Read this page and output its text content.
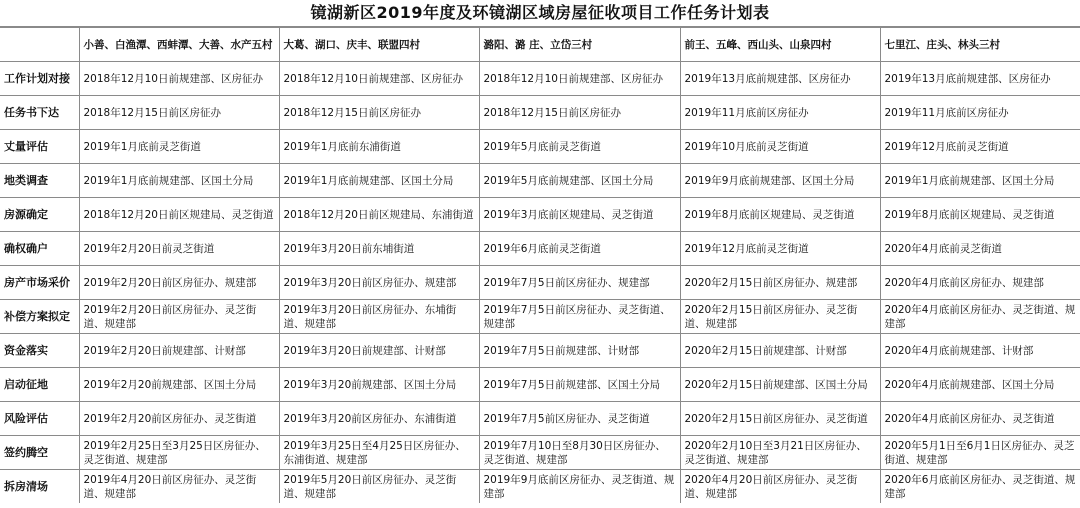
镜湖新区2019年度及环镜湖区域房屋征收项目工作任务计划表
	小善、白渔潭、西蚌潭、大善、水产五村	大葛、湖口、庆丰、联盟四村	潞阳、潞 庄、立岱三村	前王、五峰、西山头、山泉四村	七里江、庄头、林头三村
工作计划对接	2018年12月10日前规建部、区房征办	2018年12月10日前规建部、区房征办	2018年12月10日前规建部、区房征办	2019年13月底前规建部、区房征办	2019年13月底前规建部、区房征办
任务书下达	2018年12月15日前区房征办	2018年12月15日前区房征办	2018年12月15日前区房征办	2019年11月底前区房征办	2019年11月底前区房征办
丈量评估	2019年1月底前灵芝街道	2019年1月底前东浦街道	2019年5月底前灵芝街道	2019年10月底前灵芝街道	2019年12月底前灵芝街道
地类调查	2019年1月底前规建部、区国土分局	2019年1月底前规建部、区国土分局	2019年5月底前规建部、区国土分局	2019年9月底前规建部、区国土分局	2019年1月底前规建部、区国土分局
房源确定	2018年12月20日前区规建局、灵芝街道	2018年12月20日前区规建局、东浦街道	2019年3月底前区规建局、灵芝街道	2019年8月底前区规建局、灵芝街道	2019年8月底前区规建局、灵芝街道
确权确户	2019年2月20日前灵芝街道	2019年3月20日前东埔街道	2019年6月底前灵芝街道	2019年12月底前灵芝街道	2020年4月底前灵芝街道
房产市场采价	2019年2月20日前区房征办、规建部	2019年3月20日前区房征办、规建部	2019年7月5日前区房征办、规建部	2020年2月15日前区房征办、规建部	2020年4月底前区房征办、规建部
补偿方案拟定	2019年2月20日前区房征办、灵芝街道、规建部	2019年3月20日前区房征办、东埔街道、规建部	2019年7月5日前区房征办、灵芝街道、规建部	2020年2月15日前区房征办、灵芝街道、规建部	2020年4月底前区房征办、灵芝街道、规建部
资金落实	2019年2月20日前规建部、计财部	2019年3月20日前规建部、计财部	2019年7月5日前规建部、计财部	2020年2月15日前规建部、计财部	2020年4月底前规建部、计财部
启动征地	2019年2月20前规建部、区国土分局	2019年3月20前规建部、区国土分局	2019年7月5日前规建部、区国土分局	2020年2月15日前规建部、区国土分局	2020年4月底前规建部、区国土分局
风险评估	2019年2月20前区房征办、灵芝街道	2019年3月20前区房征办、东浦街道	2019年7月5前区房征办、灵芝街道	2020年2月15日前区房征办、灵芝街道	2020年4月底前区房征办、灵芝街道
签约腾空	2019年2月25日至3月25日区房征办、灵芝街道、规建部	2019年3月25日至4月25日区房征办、东浦街道、规建部	2019年7月10日至8月30日区房征办、灵芝街道、规建部	2020年2月10日至3月21日区房征办、灵芝街道、规建部	2020年5月1日至6月1日区房征办、灵芝街道、规建部
拆房清场	2019年4月20日前区房征办、灵芝街道、规建部	2019年5月20日前区房征办、灵芝街道、规建部	2019年9月底前区房征办、灵芝街道、规建部	2020年4月20日前区房征办、灵芝街道、规建部	2020年6月底前区房征办、灵芝街道、规建部
